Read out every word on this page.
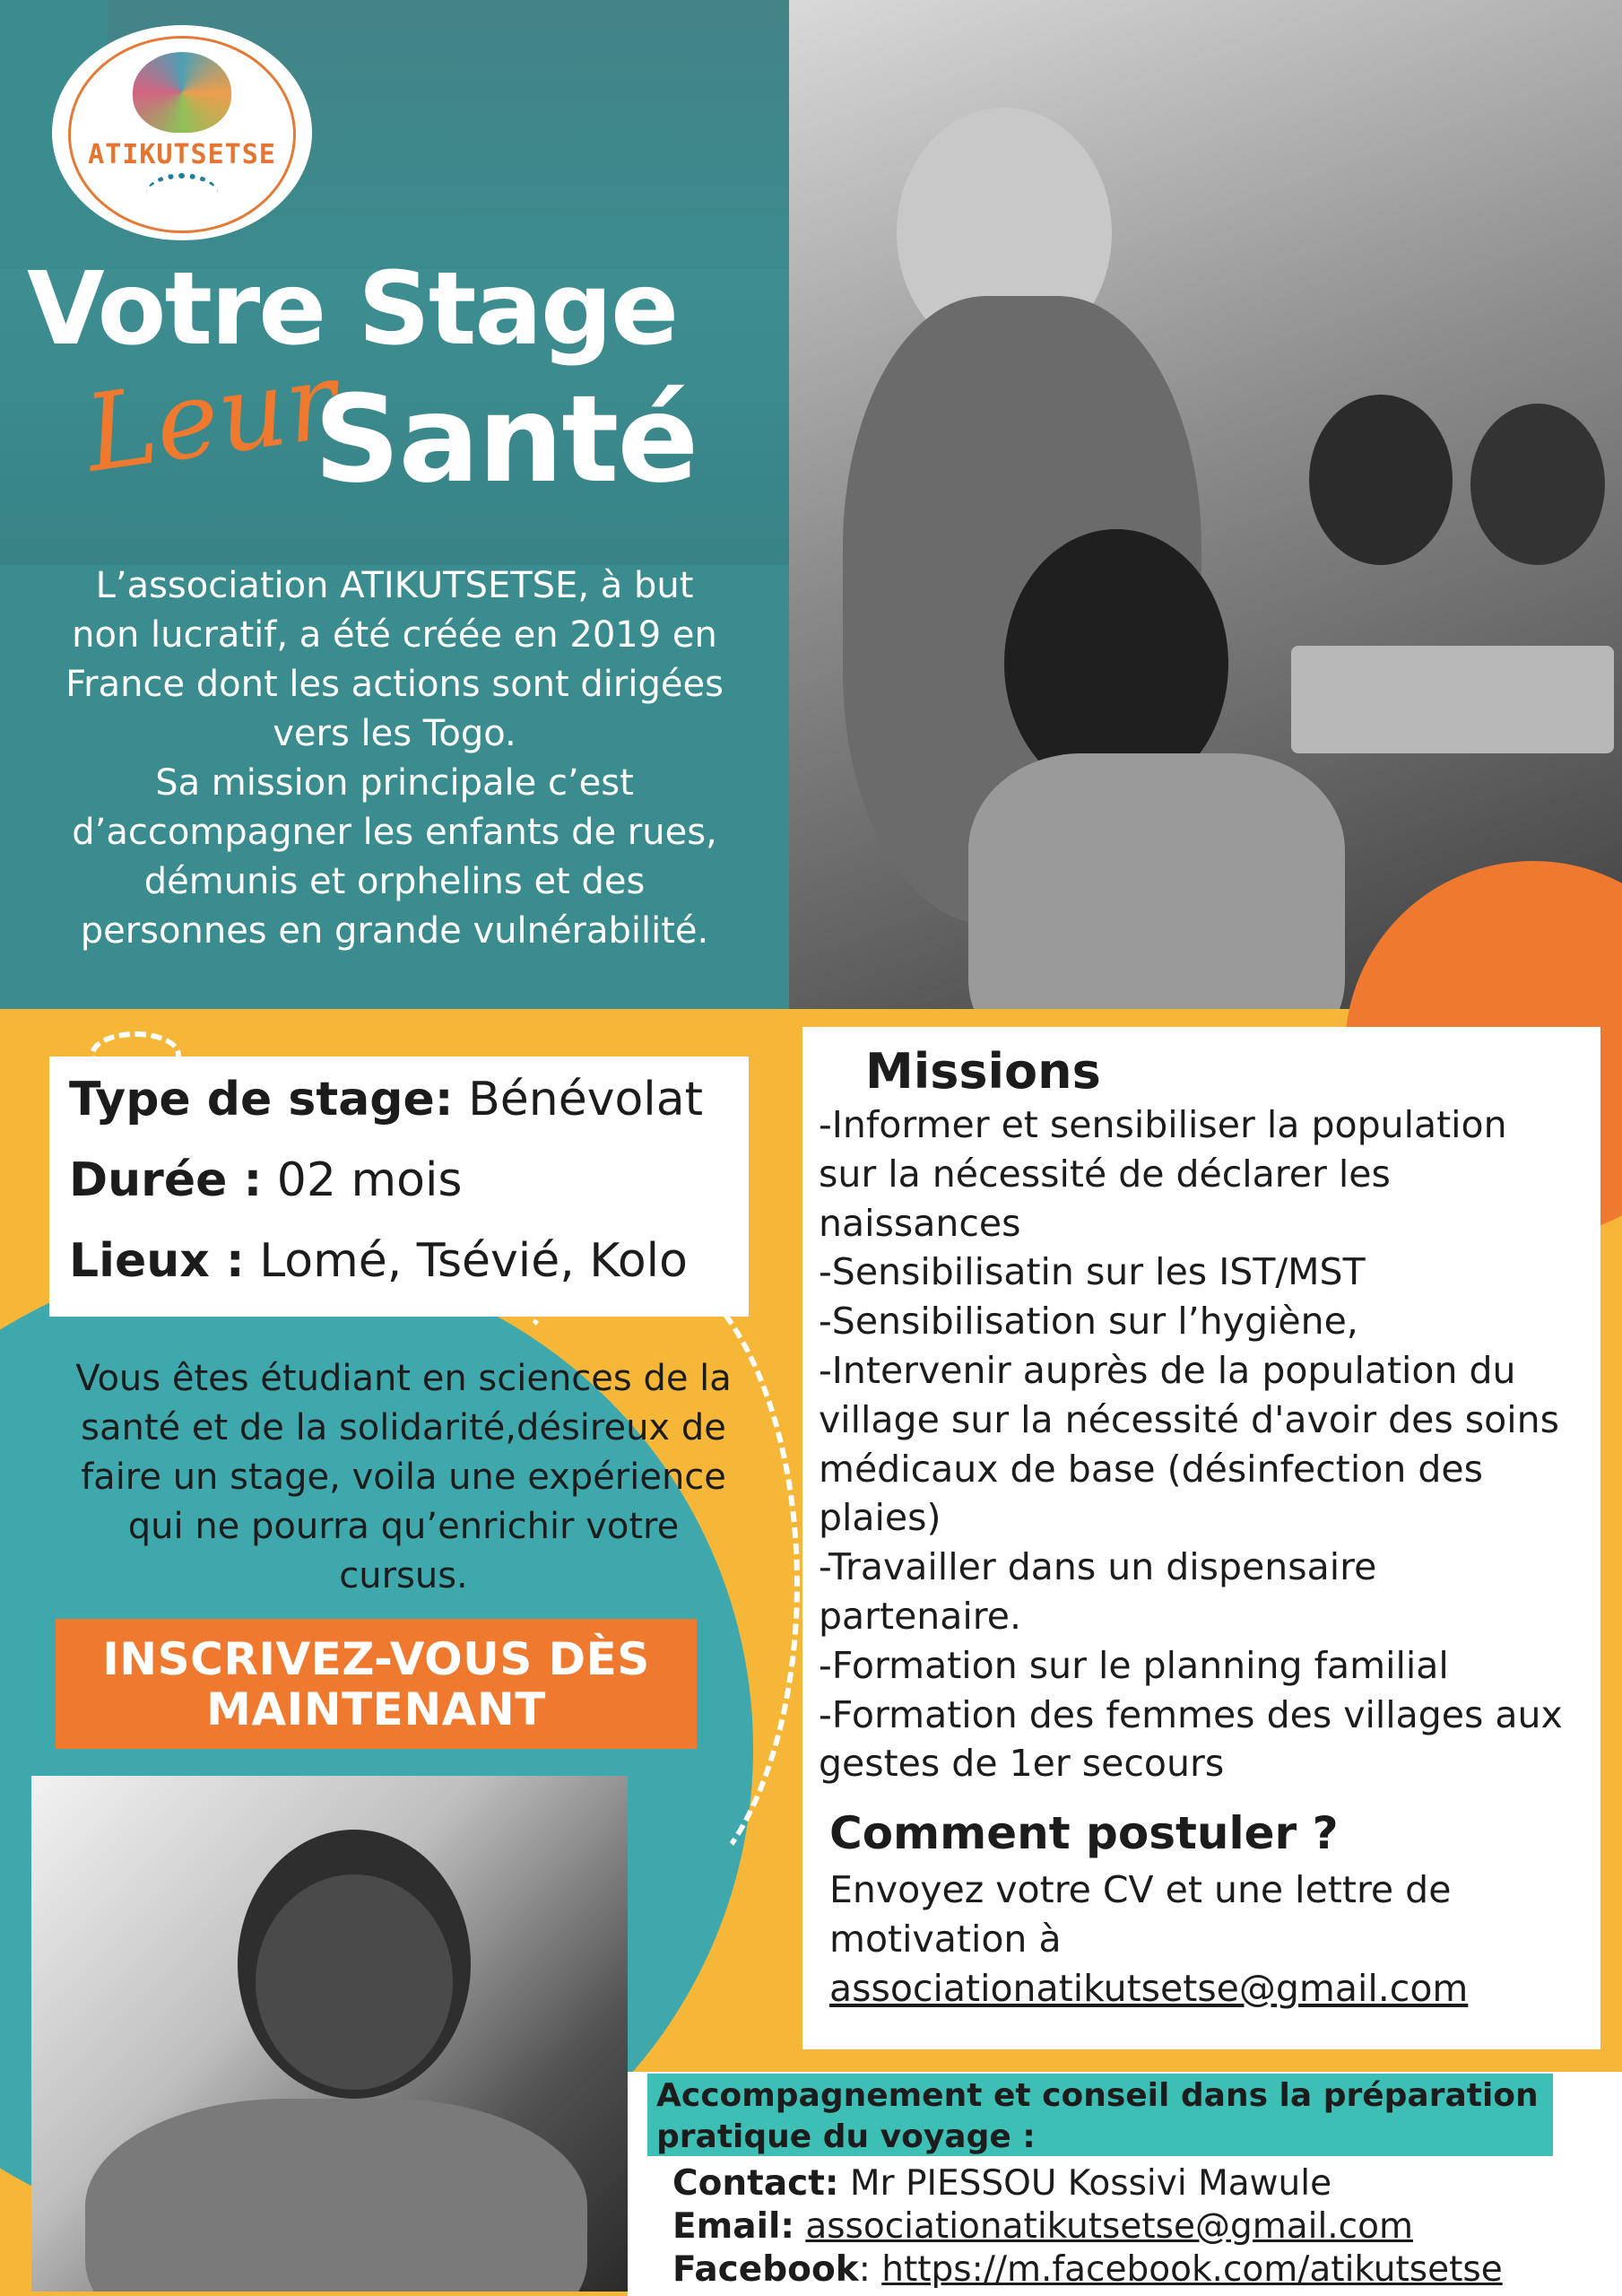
ATIKUTSETSE
Votre Stage
Leur
Santé

L’association ATIKUTSETSE, à but

non lucratif, a été créée en 2019 en

France dont les actions sont dirigées

vers les Togo.

Sa mission principale c’est

d’accompagner les enfants de rues,

démunis et orphelins et des

personnes en grande vulnérabilité.

Type de stage: Bénévolat
Durée : 02 mois
Lieux : Lomé, Tsévié, Kolo
Vous êtes étudiant en sciences de la
santé et de la solidarité,désireux de
faire un stage, voila une expérience
qui ne pourra qu’enrichir votre
cursus.
INSCRIVEZ-VOUS DÈS
MAINTENANT
Missions
-Informer et sensibiliser la population
sur la nécessité de déclarer les
naissances
-Sensibilisatin sur les IST/MST
-Sensibilisation sur l’hygiène,
-Intervenir auprès de la population du
village sur la nécessité d'avoir des soins
médicaux de base (désinfection des
plaies)
-Travailler dans un dispensaire
partenaire.
-Formation sur le planning familial
-Formation des femmes des villages aux
gestes de 1er secours
Comment postuler ?
Envoyez votre CV et une lettre de
motivation à
associationatikutsetse@gmail.com
Accompagnement et conseil dans la préparation
pratique du voyage :
Contact: Mr PIESSOU Kossivi Mawule
Email: associationatikutsetse@gmail.com
Facebook: https://m.facebook.com/atikutsetse
